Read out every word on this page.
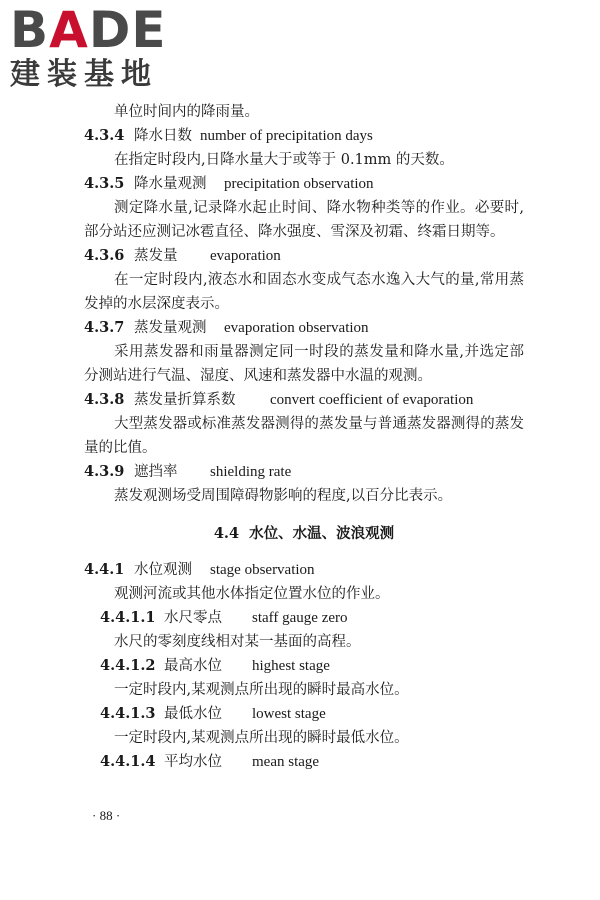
BADE
建装基地
单位时间内的降雨量。
4.3.4 降水日数 number of precipitation days
在指定时段内,日降水量大于或等于 0.1mm 的天数。
4.3.5 降水量观测 precipitation observation
测定降水量,记录降水起止时间、降水物种类等的作业。必要时,部分站还应测记冰雹直径、降水强度、雪深及初霜、终霜日期等。
4.3.6 蒸发量 evaporation
在一定时段内,液态水和固态水变成气态水逸入大气的量,常用蒸发掉的水层深度表示。
4.3.7 蒸发量观测 evaporation observation
采用蒸发器和雨量器测定同一时段的蒸发量和降水量,并选定部分测站进行气温、湿度、风速和蒸发器中水温的观测。
4.3.8 蒸发量折算系数 convert coefficient of evaporation
大型蒸发器或标准蒸发器测得的蒸发量与普通蒸发器测得的蒸发量的比值。
4.3.9 遮挡率 shielding rate
蒸发观测场受周围障碍物影响的程度,以百分比表示。
4.4 水位、水温、波浪观测
4.4.1 水位观测 stage observation
观测河流或其他水体指定位置水位的作业。
4.4.1.1 水尺零点 staff gauge zero
水尺的零刻度线相对某一基面的高程。
4.4.1.2 最高水位 highest stage
一定时段内,某观测点所出现的瞬时最高水位。
4.4.1.3 最低水位 lowest stage
一定时段内,某观测点所出现的瞬时最低水位。
4.4.1.4 平均水位 mean stage
· 88 ·
